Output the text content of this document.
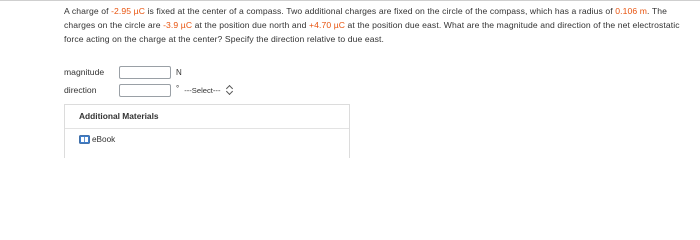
A charge of -2.95 µC is fixed at the center of a compass. Two additional charges are fixed on the circle of the compass, which has a radius of 0.106 m. The charges on the circle are -3.9 µC at the position due north and +4.70 µC at the position due east. What are the magnitude and direction of the net electrostatic force acting on the charge at the center? Specify the direction relative to due east.
magnitude	N
direction	° ---Select---
Additional Materials
eBook
